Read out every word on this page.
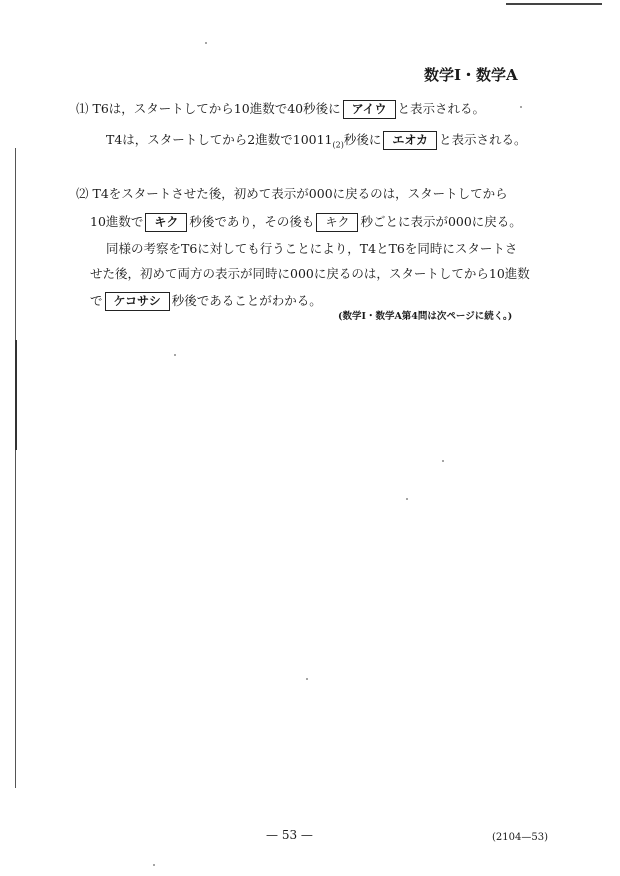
数学Ⅰ・数学A
⑴ T6は，スタートしてから10進数で40秒後に アイウ と表示される。
T4は，スタートしてから2進数で$10011_{(2)}$秒後に エオカ と表示される。
⑵ T4をスタートさせた後，初めて表示が000に戻るのは，スタートしてから
10進数で キク 秒後であり，その後も キク 秒ごとに表示が000に戻る。
同様の考察をT6に対しても行うことにより，T4とT6を同時にスタートさ
せた後，初めて両方の表示が同時に000に戻るのは，スタートしてから10進数
で ケコサシ 秒後であることがわかる。
(数学Ⅰ・数学A第4問は次ページに続く。)
— 53 —	(2104—53)
